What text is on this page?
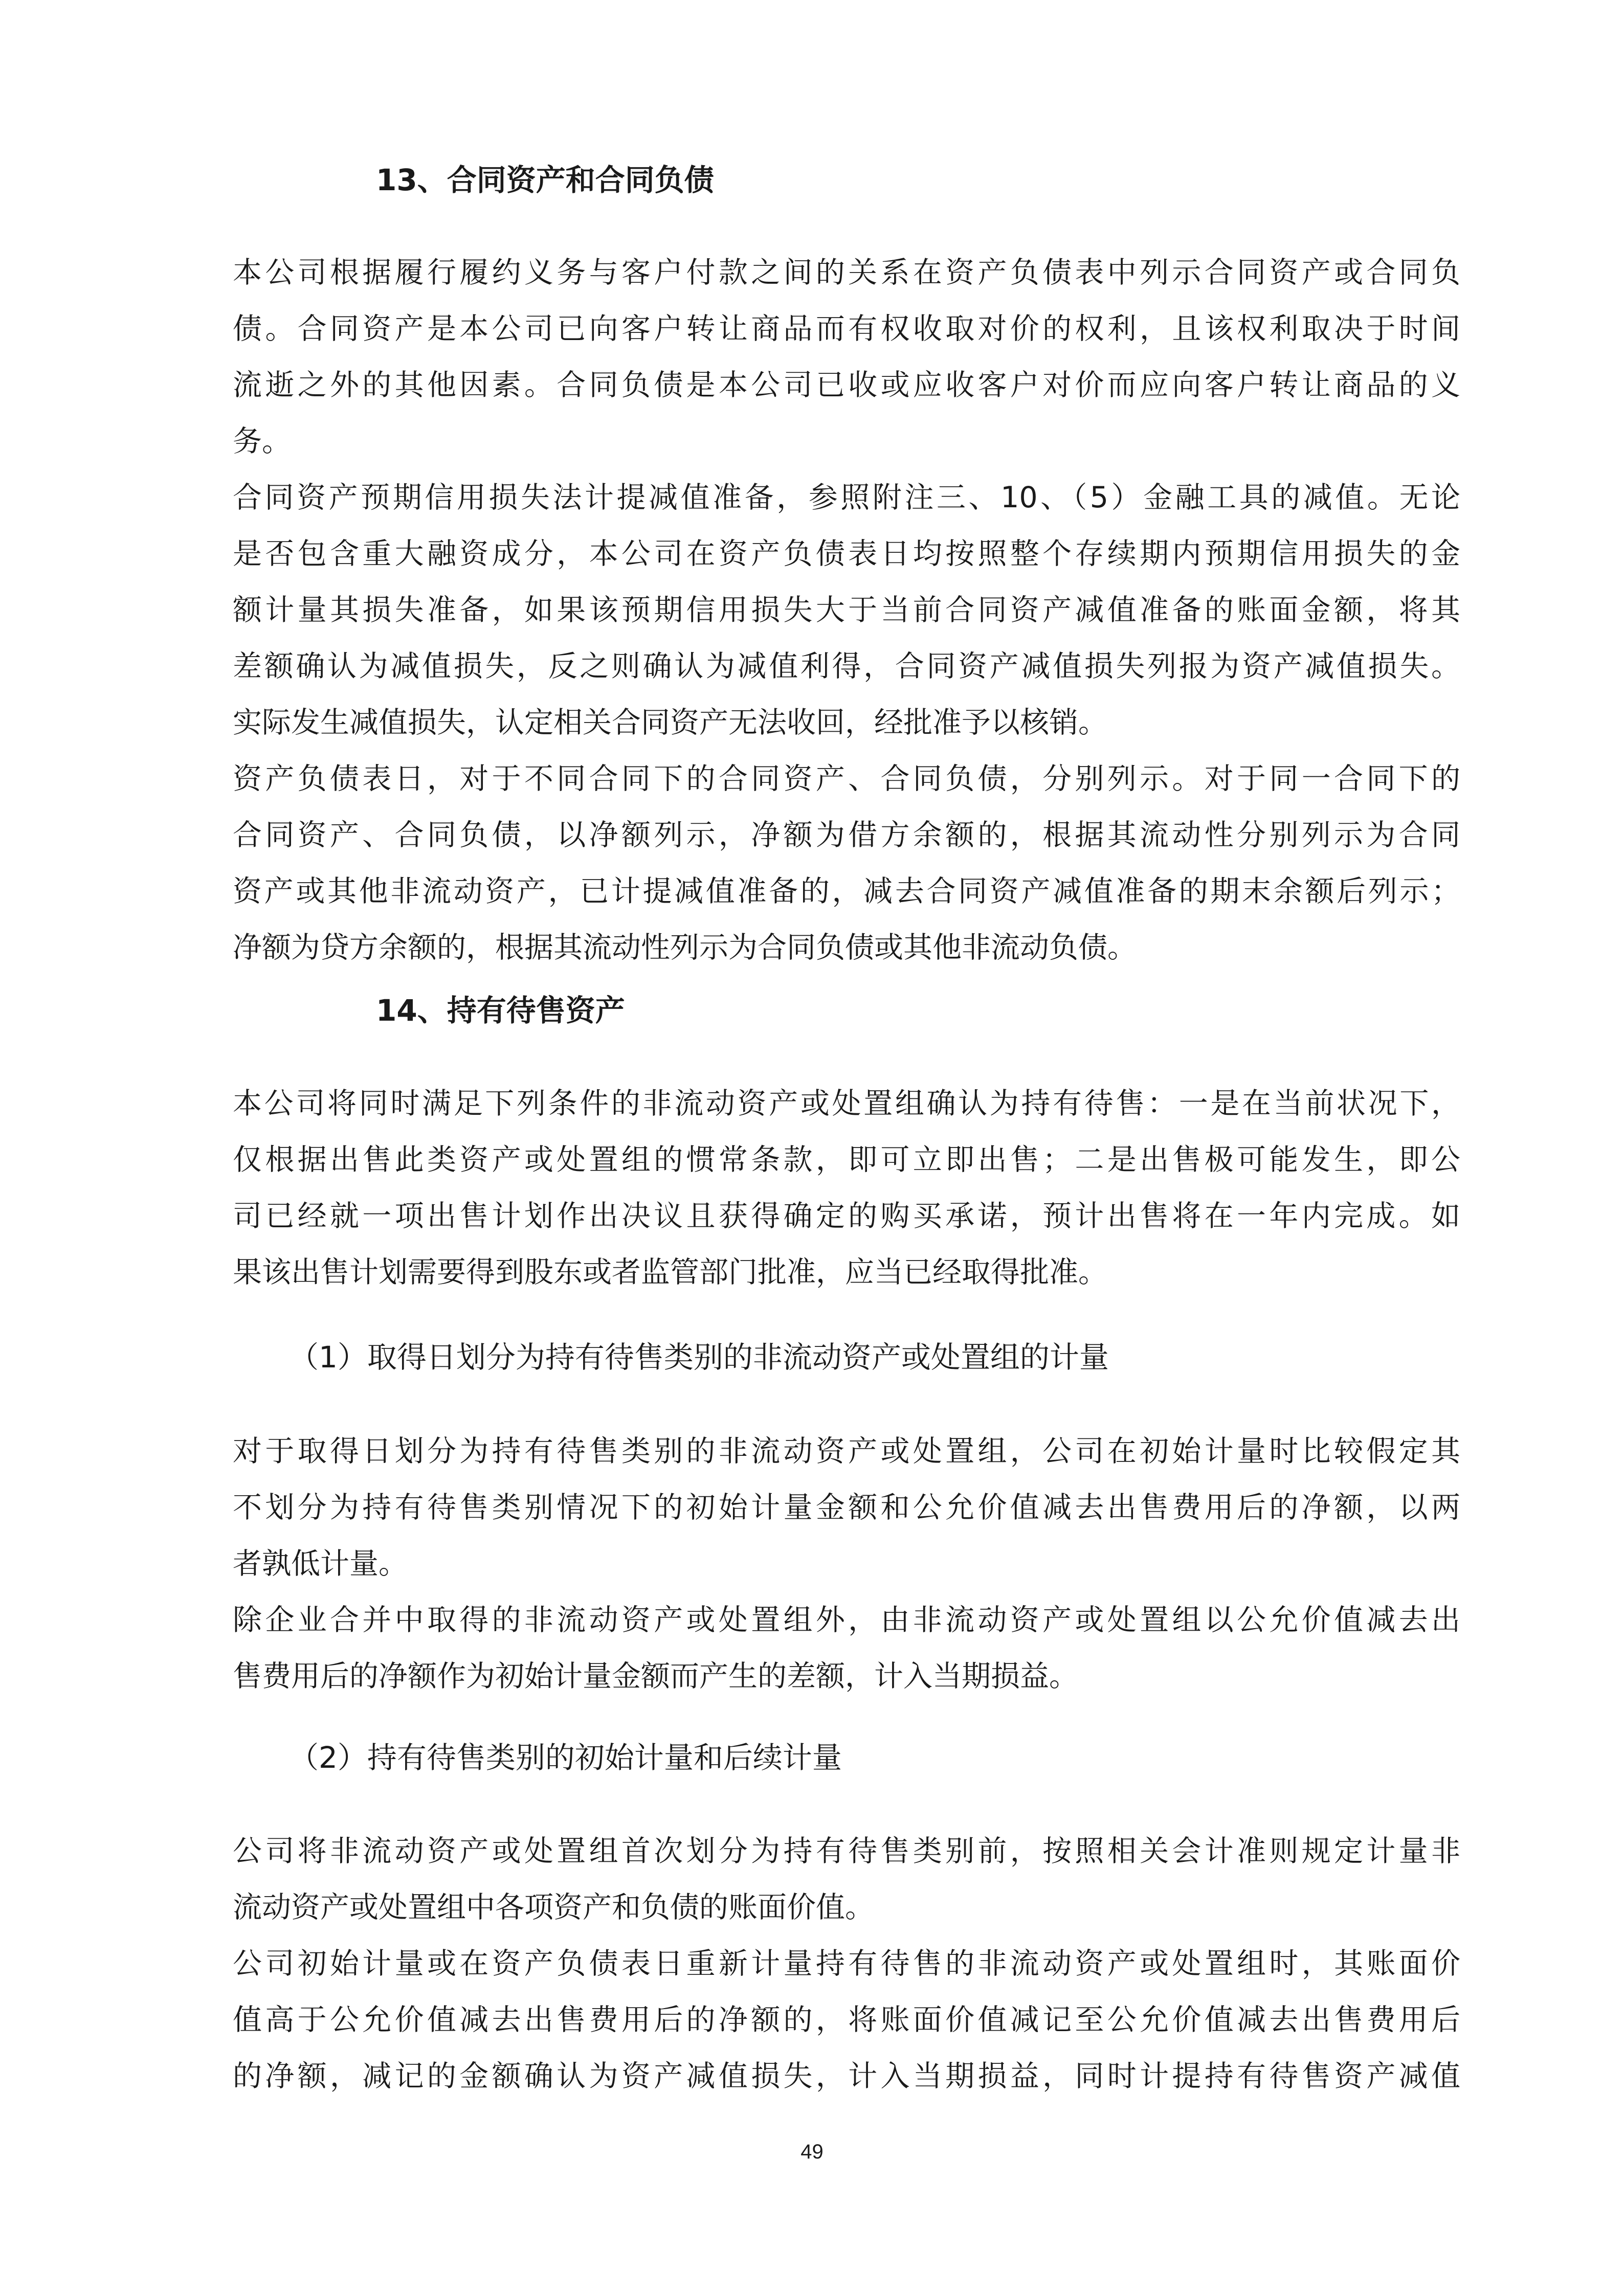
13、合同资产和合同负债
本公司根据履行履约义务与客户付款之间的关系在资产负债表中列示合同资产或合同负
债。合同资产是本公司已向客户转让商品而有权收取对价的权利，且该权利取决于时间
流逝之外的其他因素。合同负债是本公司已收或应收客户对价而应向客户转让商品的义
务。
合同资产预期信用损失法计提减值准备，参照附注三、10、（5）金融工具的减值。无论
是否包含重大融资成分，本公司在资产负债表日均按照整个存续期内预期信用损失的金
额计量其损失准备，如果该预期信用损失大于当前合同资产减值准备的账面金额，将其
差额确认为减值损失，反之则确认为减值利得，合同资产减值损失列报为资产减值损失。
实际发生减值损失，认定相关合同资产无法收回，经批准予以核销。
资产负债表日，对于不同合同下的合同资产、合同负债，分别列示。对于同一合同下的
合同资产、合同负债，以净额列示，净额为借方余额的，根据其流动性分别列示为合同
资产或其他非流动资产，已计提减值准备的，减去合同资产减值准备的期末余额后列示；
净额为贷方余额的，根据其流动性列示为合同负债或其他非流动负债。
14、持有待售资产
本公司将同时满足下列条件的非流动资产或处置组确认为持有待售：一是在当前状况下，
仅根据出售此类资产或处置组的惯常条款，即可立即出售；二是出售极可能发生，即公
司已经就一项出售计划作出决议且获得确定的购买承诺，预计出售将在一年内完成。如
果该出售计划需要得到股东或者监管部门批准，应当已经取得批准。
（1）取得日划分为持有待售类别的非流动资产或处置组的计量
对于取得日划分为持有待售类别的非流动资产或处置组，公司在初始计量时比较假定其
不划分为持有待售类别情况下的初始计量金额和公允价值减去出售费用后的净额，以两
者孰低计量。
除企业合并中取得的非流动资产或处置组外，由非流动资产或处置组以公允价值减去出
售费用后的净额作为初始计量金额而产生的差额，计入当期损益。
（2）持有待售类别的初始计量和后续计量
公司将非流动资产或处置组首次划分为持有待售类别前，按照相关会计准则规定计量非
流动资产或处置组中各项资产和负债的账面价值。
公司初始计量或在资产负债表日重新计量持有待售的非流动资产或处置组时，其账面价
值高于公允价值减去出售费用后的净额的，将账面价值减记至公允价值减去出售费用后
的净额，减记的金额确认为资产减值损失，计入当期损益，同时计提持有待售资产减值
49
